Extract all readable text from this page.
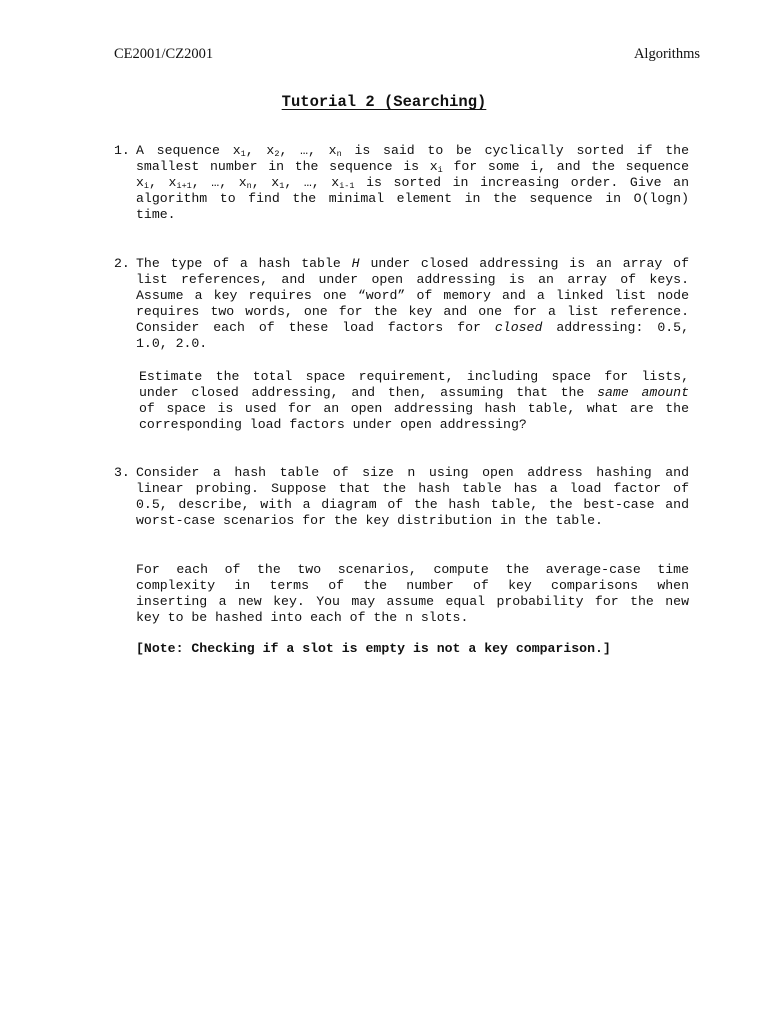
CE2001/CZ2001	Algorithms
Tutorial 2 (Searching)
1. A sequence $x_1$, $x_2$, …, $x_n$ is said to be cyclically sorted if the
smallest number in the sequence is $x_i$ for some i, and the sequence
$x_i$, $x_{i+1}$, …, $x_n$, $x_1$, …, $x_{i-1}$ is sorted in increasing order. Give an
algorithm to find the minimal element in the sequence in O(logn)
time.
2. The type of a hash table H under closed addressing is an array of
list references, and under open addressing is an array of keys.
Assume a key requires one “word” of memory and a linked list node
requires two words, one for the key and one for a list reference.
Consider each of these load factors for closed addressing: 0.5,
1.0, 2.0.
Estimate the total space requirement, including space for lists,
under closed addressing, and then, assuming that the same amount
of space is used for an open addressing hash table, what are the
corresponding load factors under open addressing?
3. Consider a hash table of size n using open address hashing and
linear probing. Suppose that the hash table has a load factor of
0.5, describe, with a diagram of the hash table, the best-case and
worst-case scenarios for the key distribution in the table.
For each of the two scenarios, compute the average-case time
complexity in terms of the number of key comparisons when
inserting a new key. You may assume equal probability for the new
key to be hashed into each of the n slots.
[Note: Checking if a slot is empty is not a key comparison.]
